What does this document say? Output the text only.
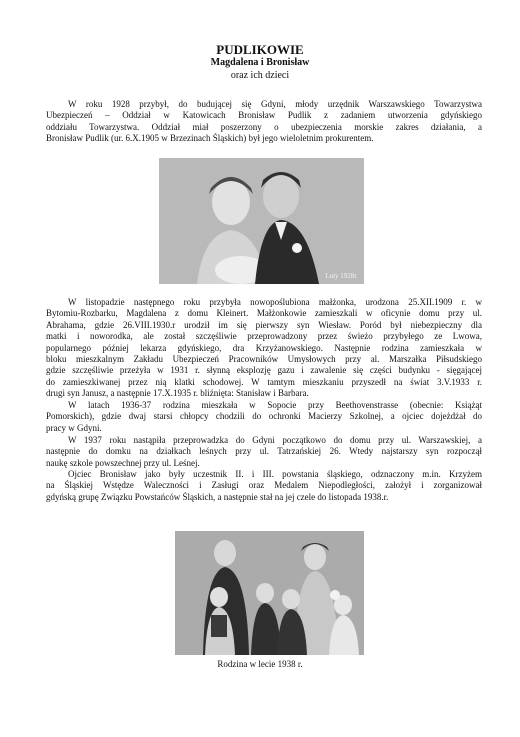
PUDLIKOWIE
Magdalena i Bronisław
oraz ich dzieci
W roku 1928 przybył, do budującej się Gdyni, młody urzędnik Warszawskiego Towarzystwa
Ubezpieczeń – Oddział w Katowicach Bronisław Pudlik z zadaniem utworzenia gdyńskiego
oddziału Towarzystwa. Oddział miał poszerzony o ubezpieczenia morskie zakres działania, a
Bronisław Pudlik (ur. 6.X.1905 w Brzezinach Śląskich) był jego wieloletnim prokurentem.
Luty 1928r.
W listopadzie następnego roku przybyła nowopoślubiona małżonka, urodzona 25.XII.1909 r. w
Bytomiu-Rozbarku, Magdalena z domu Kleinert. Małżonkowie zamieszkali w oficynie domu przy ul.
Abrahama, gdzie 26.VIII.1930.r urodził im się pierwszy syn Wiesław. Poród był niebezpieczny dla
matki i noworodka, ale został szczęśliwie przeprowadzony przez świeżo przybyłego ze Lwowa,
popularnego później lekarza gdyńskiego, dra Krzyżanowskiego. Następnie rodzina zamieszkała w
bloku mieszkalnym Zakładu Ubezpieczeń Pracowników Umysłowych przy al. Marszałka Piłsudskiego
gdzie szczęśliwie przeżyła w 1931 r. słynną eksplozję gazu i zawalenie się części budynku - sięgającej
do zamieszkiwanej przez nią klatki schodowej. W tamtym mieszkaniu przyszedł na świat 3.V.1933 r.
drugi syn Janusz, a następnie 17.X.1935 r. bliźnięta: Stanisław i Barbara.
W latach 1936-37 rodzina mieszkała w Sopocie przy Beethovenstrasse (obecnie: Książąt
Pomorskich), gdzie dwaj starsi chłopcy chodzili do ochronki Macierzy Szkolnej, a ojciec dojeżdżał do
pracy w Gdyni.
W 1937 roku nastąpiła przeprowadzka do Gdyni początkowo do domu przy ul. Warszawskiej, a
następnie do domku na działkach leśnych przy ul. Tatrzańskiej 26. Wtedy najstarszy syn rozpoczął
naukę szkole powszechnej przy ul. Leśnej.
Ojciec Bronisław jako były uczestnik II. i III. powstania śląskiego, odznaczony m.in. Krzyżem
na Śląskiej Wstędze Waleczności i Zasługi oraz Medalem Niepodległości, założył i zorganizował
gdyńską grupę Związku Powstańców Śląskich, a następnie stał na jej czele do listopada 1938.r.
Rodzina w lecie 1938 r.
